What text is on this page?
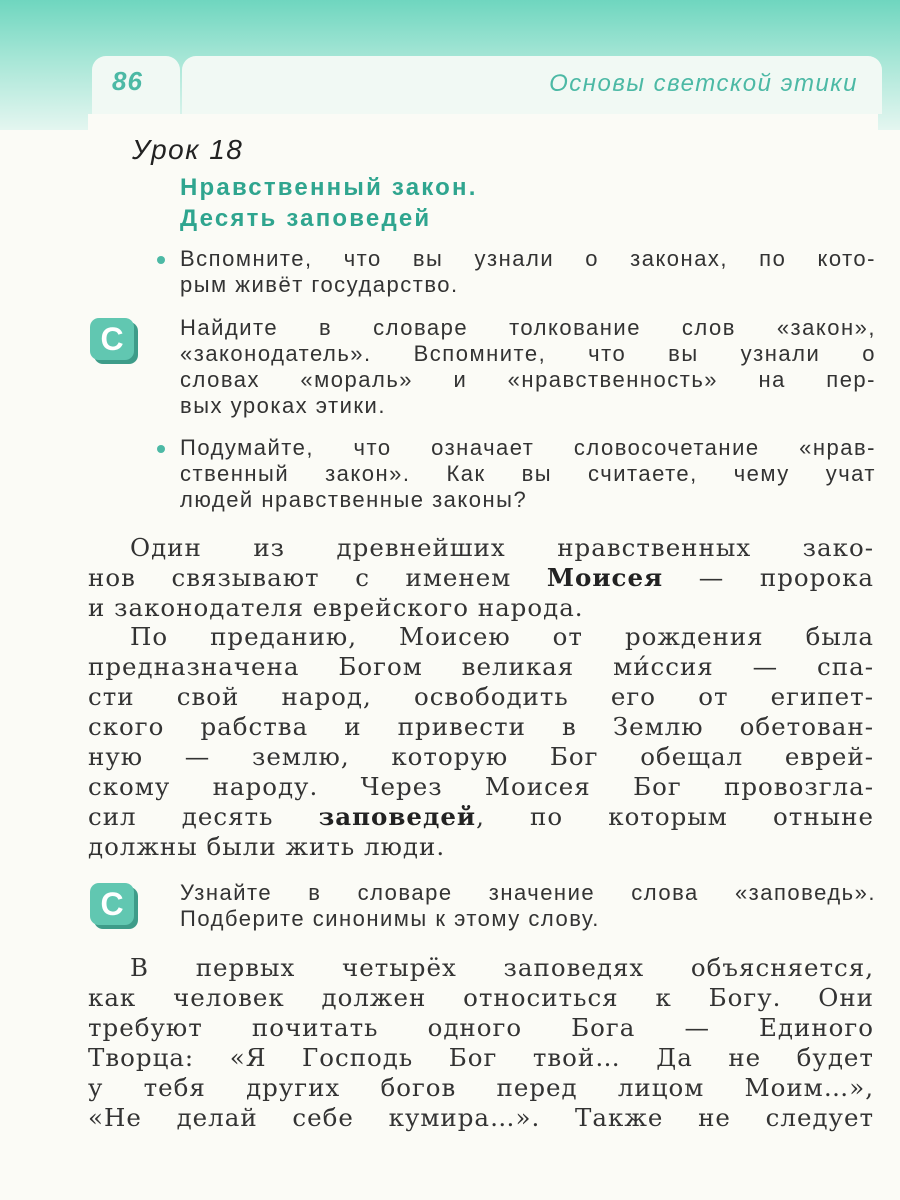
86	Основы светской этики
Урок 18
Нравственный закон.
Десять заповедей
Вспомните, что вы узнали о законах, по кото-
рым живёт государство.
С	Найдите в словаре толкование слов «закон»,
«законодатель». Вспомните, что вы узнали о
словах «мораль» и «нравственность» на пер-
вых уроках этики.
Подумайте, что означает словосочетание «нрав-
ственный закон». Как вы считаете, чему учат
людей нравственные законы?
Один из древнейших нравственных зако-
нов связывают с именем Моисея — пророка
и законодателя еврейского народа.
По преданию, Моисею от рождения была
предназначена Богом великая ми́ссия — спа-
сти свой народ, освободить его от египет-
ского рабства и привести в Землю обетован-
ную — землю, которую Бог обещал еврей-
скому народу. Через Моисея Бог провозгла-
сил десять заповедей, по которым отныне
должны были жить люди.
С	Узнайте в словаре значение слова «заповедь».
Подберите синонимы к этому слову.
В первых четырёх заповедях объясняется,
как человек должен относиться к Богу. Они
требуют почитать одного Бога — Единого
Творца: «Я Господь Бог твой… Да не будет
у тебя других богов перед лицом Моим…»,
«Не делай себе кумира…». Также не следует
